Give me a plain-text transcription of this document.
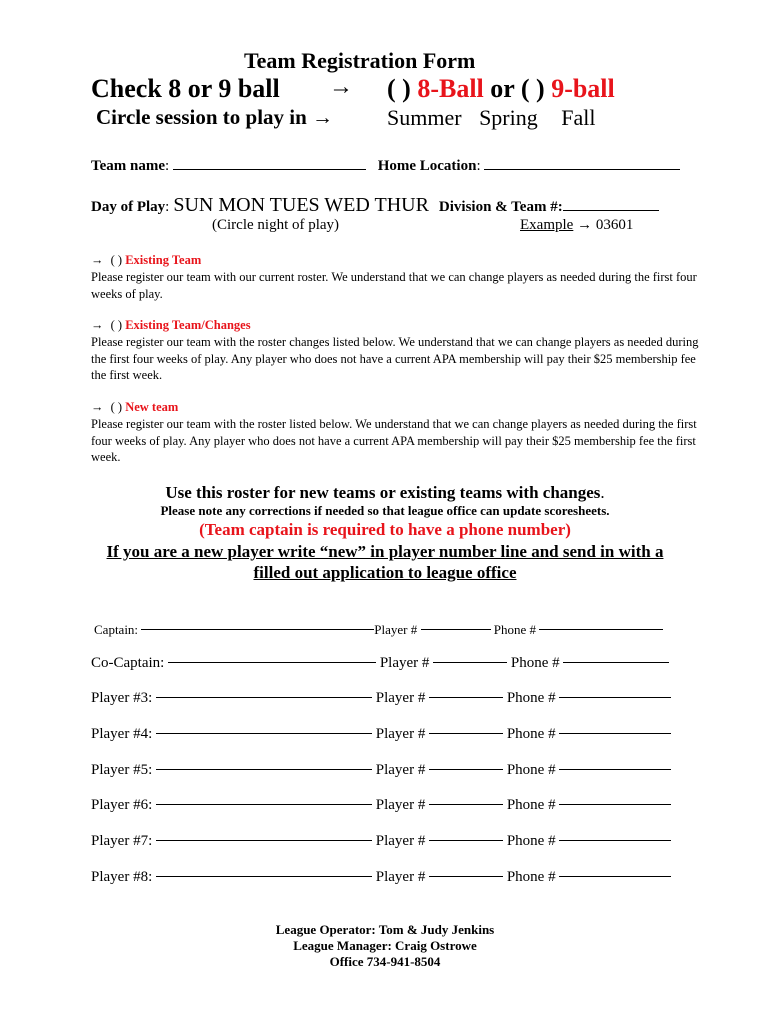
Team Registration Form
Check 8 or 9 ball → ( ) 8-Ball or ( ) 9-ball
Circle session to play in → Summer Spring Fall
Team name:	Home Location:
Day of Play: SUN MON TUES WED THUR Division & Team #:
(Circle night of play)	Example → 03601
→ ( ) Existing Team
Please register our team with our current roster. We understand that we can change players as needed during the first four weeks of play.
→ ( ) Existing Team/Changes
Please register our team with the roster changes listed below. We understand that we can change players as needed during the first four weeks of play. Any player who does not have a current APA membership will pay their $25 membership fee the first week.
→ ( ) New team
Please register our team with the roster listed below. We understand that we can change players as needed during the first four weeks of play. Any player who does not have a current APA membership will pay their $25 membership fee the first week.
Use this roster for new teams or existing teams with changes.
Please note any corrections if needed so that league office can update scoresheets.
(Team captain is required to have a phone number)
If you are a new player write “new” in player number line and send in with a
filled out application to league office
Captain:	Player #	Phone #
Co-Captain:	Player #	Phone #
Player #3:	Player #	Phone #
Player #4:	Player #	Phone #
Player #5:	Player #	Phone #
Player #6:	Player #	Phone #
Player #7:	Player #	Phone #
Player #8:	Player #	Phone #
League Operator: Tom & Judy Jenkins
League Manager: Craig Ostrowe
Office 734-941-8504
